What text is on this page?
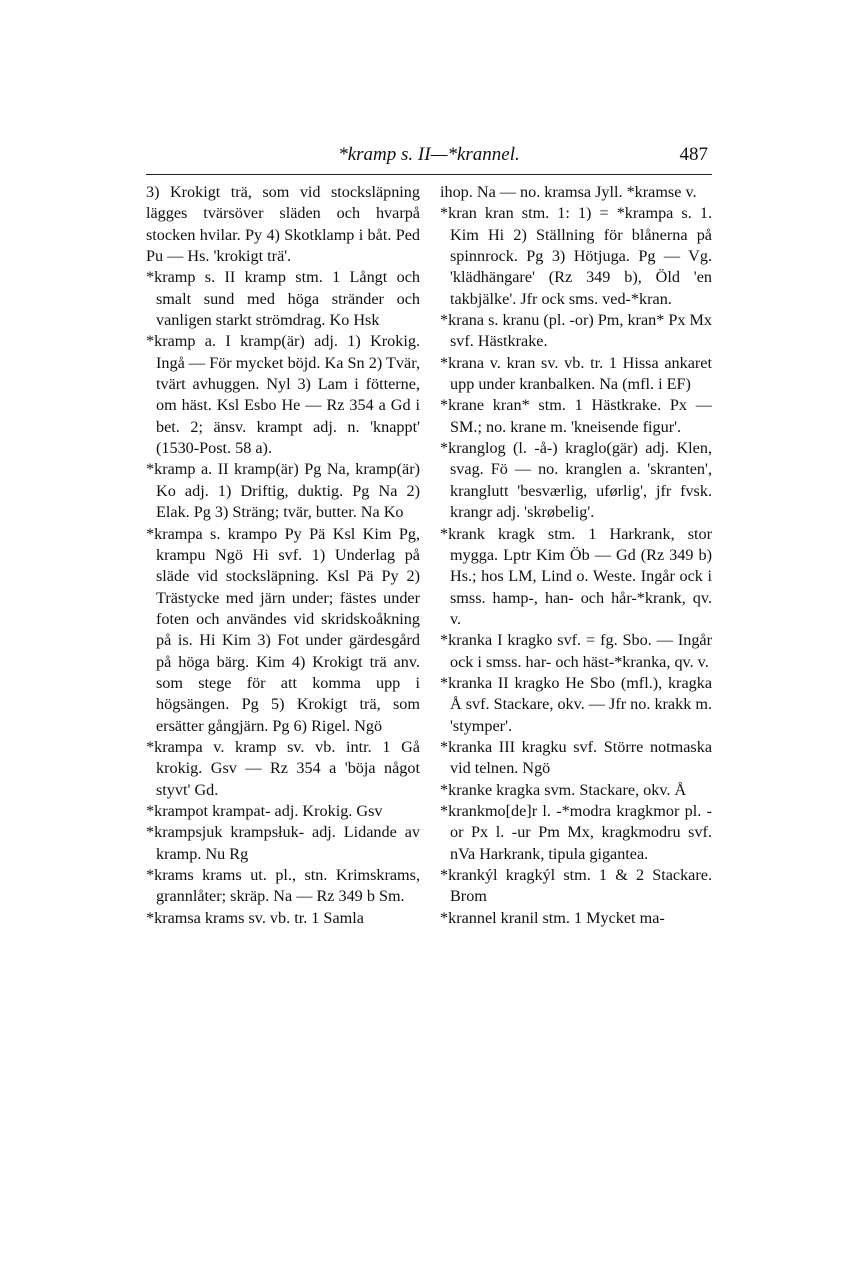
*kramp s. II—*krannel.	487

3) Krokigt trä, som vid stocksläpning lägges tvärsöver släden och hvarpå stocken hvilar. Py 4) Skotklamp i båt. Ped Pu — Hs. 'krokigt trä'.

*kramp s. II kramp stm. 1 Långt och smalt sund med höga stränder och vanligen starkt strömdrag. Ko Hsk

*kramp a. I kramp(är) adj. 1) Krokig. Ingå — För mycket böjd. Ka Sn 2) Tvär, tvärt avhuggen. Nyl 3) Lam i fötterne, om häst. Ksl Esbo He — Rz 354 a Gd i bet. 2; änsv. krampt adj. n. 'knappt' (1530-Post. 58 a).

*kramp a. II kramp(är) Pg Na, kramp(är) Ko adj. 1) Driftig, duktig. Pg Na 2) Elak. Pg 3) Sträng; tvär, butter. Na Ko

*krampa s. krampo Py Pä Ksl Kim Pg, krampu Ngö Hi svf. 1) Underlag på släde vid stocksläpning. Ksl Pä Py 2) Trästycke med järn under; fästes under foten och användes vid skridskoåkning på is. Hi Kim 3) Fot under gärdesgård på höga bärg. Kim 4) Krokigt trä anv. som stege för att komma upp i högsängen. Pg 5) Krokigt trä, som ersätter gångjärn. Pg 6) Rigel. Ngö

*krampa v. kramp sv. vb. intr. 1 Gå krokig. Gsv — Rz 354 a 'böja något styvt' Gd.

*krampot krampat- adj. Krokig. Gsv

*krampsjuk krampsłuk- adj. Lidande av kramp. Nu Rg

*krams krams ut. pl., stn. Krimskrams, grannlåter; skräp. Na — Rz 349 b Sm.

*kramsa krams sv. vb. tr. 1 Samla

ihop. Na — no. kramsa Jyll. *kramse v.

*kran kran stm. 1: 1) = *krampa s. 1. Kim Hi 2) Ställning för blånerna på spinnrock. Pg 3) Hötjuga. Pg — Vg. 'klädhängare' (Rz 349 b), Öld 'en takbjälke'. Jfr ock sms. ved-*kran.

*krana s. kranu (pl. -or) Pm, kran* Px Mx svf. Hästkrake.

*krana v. kran sv. vb. tr. 1 Hissa ankaret upp under kranbalken. Na (mfl. i EF)

*krane kran* stm. 1 Hästkrake. Px — SM.; no. krane m. 'kneisende figur'.

*kranglog (l. -å-) kraglo(gär) adj. Klen, svag. Fö — no. kranglen a. 'skranten', kranglutt 'besværlig, uførlig', jfr fvsk. krangr adj. 'skrøbelig'.

*krank kragk stm. 1 Harkrank, stor mygga. Lptr Kim Öb — Gd (Rz 349 b) Hs.; hos LM, Lind o. Weste. Ingår ock i smss. hamp-, han- och hår-*krank, qv. v.

*kranka I kragko svf. = fg. Sbo. — Ingår ock i smss. har- och häst-*kranka, qv. v.

*kranka II kragko He Sbo (mfl.), kragka Å svf. Stackare, okv. — Jfr no. krakk m. 'stymper'.

*kranka III kragku svf. Större notmaska vid telnen. Ngö

*kranke kragka svm. Stackare, okv. Å

*krankmo[de]r l. -*modra kragkmor pl. -or Px l. -ur Pm Mx, kragkmodru svf. nVa Harkrank, tipula gigantea.

*krankýl kragkýl stm. 1 & 2 Stackare. Brom

*krannel kranil stm. 1 Mycket ma-
